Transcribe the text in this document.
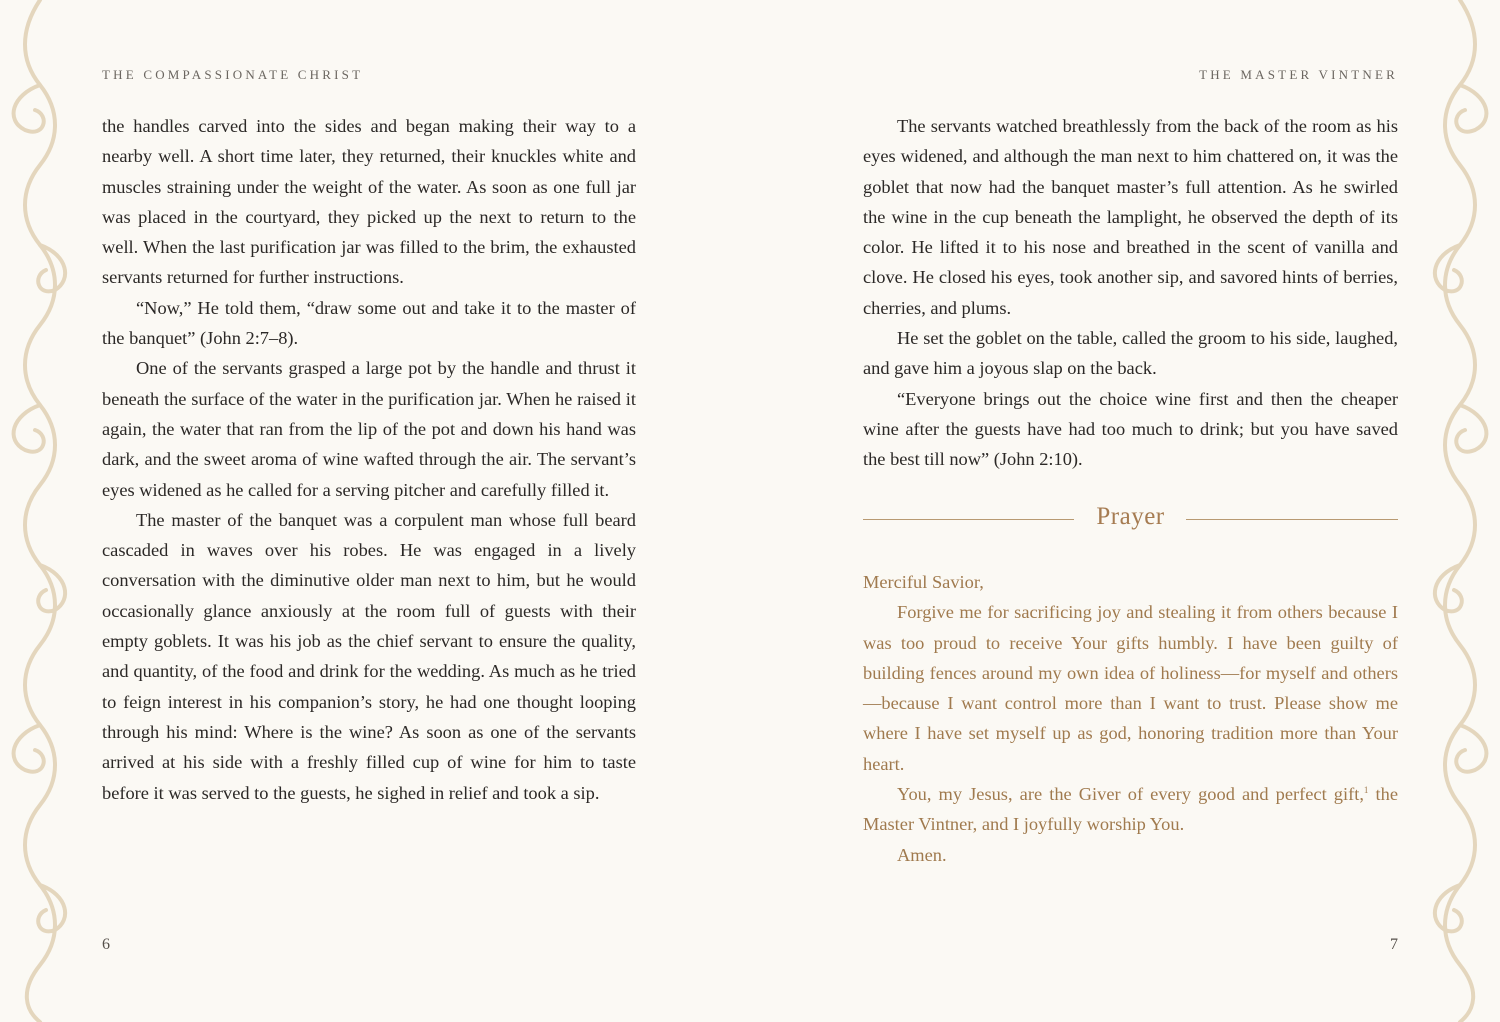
THE COMPASSIONATE CHRIST

the handles carved into the sides and began making their way to a nearby well. A short time later, they returned, their knuckles white and muscles straining under the weight of the water. As soon as one full jar was placed in the courtyard, they picked up the next to return to the well. When the last purification jar was filled to the brim, the exhausted servants returned for further instructions.

“Now,” He told them, “draw some out and take it to the master of the banquet” (John 2:7–8).

One of the servants grasped a large pot by the handle and thrust it beneath the surface of the water in the purification jar. When he raised it again, the water that ran from the lip of the pot and down his hand was dark, and the sweet aroma of wine wafted through the air. The servant’s eyes widened as he called for a serving pitcher and carefully filled it.

The master of the banquet was a corpulent man whose full beard cascaded in waves over his robes. He was engaged in a lively conversation with the diminutive older man next to him, but he would occasionally glance anxiously at the room full of guests with their empty goblets. It was his job as the chief servant to ensure the quality, and quantity, of the food and drink for the wedding. As much as he tried to feign interest in his companion’s story, he had one thought looping through his mind: Where is the wine? As soon as one of the servants arrived at his side with a freshly filled cup of wine for him to taste before it was served to the guests, he sighed in relief and took a sip.

6
THE MASTER VINTNER

The servants watched breathlessly from the back of the room as his eyes widened, and although the man next to him chattered on, it was the goblet that now had the banquet master’s full attention. As he swirled the wine in the cup beneath the lamplight, he observed the depth of its color. He lifted it to his nose and breathed in the scent of vanilla and clove. He closed his eyes, took another sip, and savored hints of berries, cherries, and plums.

He set the goblet on the table, called the groom to his side, laughed, and gave him a joyous slap on the back.

“Everyone brings out the choice wine first and then the cheaper wine after the guests have had too much to drink; but you have saved the best till now” (John 2:10).

Prayer

Merciful Savior,

Forgive me for sacrificing joy and stealing it from others because I was too proud to receive Your gifts humbly. I have been guilty of building fences around my own idea of holiness—for myself and others—because I want control more than I want to trust. Please show me where I have set myself up as god, honoring tradition more than Your heart.

You, my Jesus, are the Giver of every good and perfect gift,$^1$ the Master Vintner, and I joyfully worship You.

Amen.

7
